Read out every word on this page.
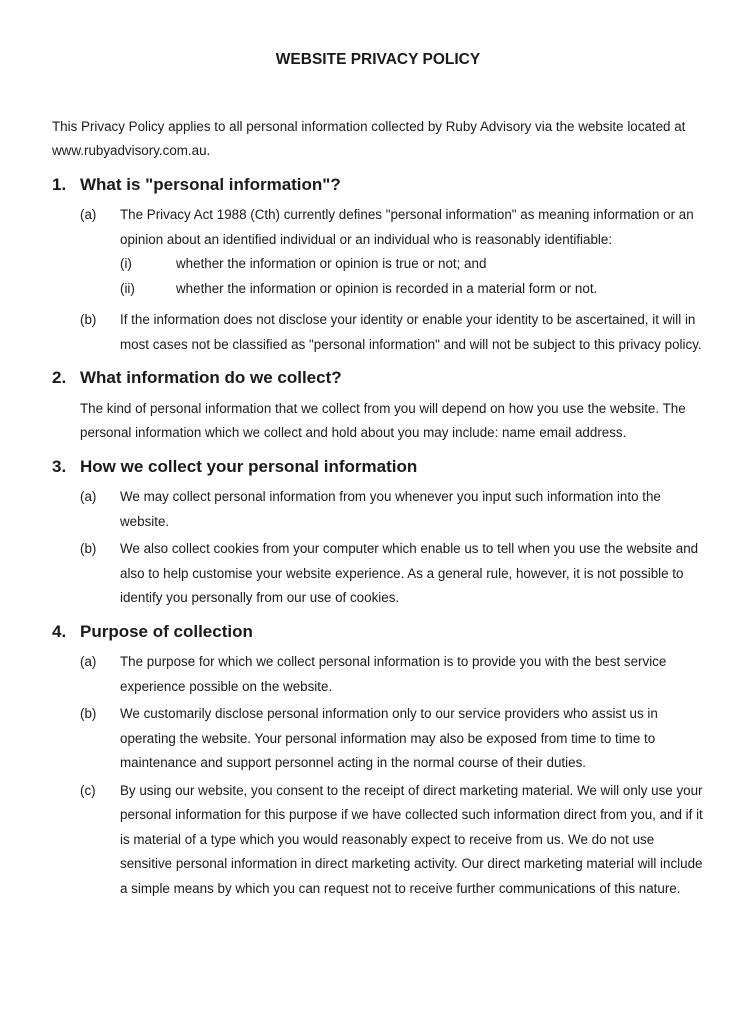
WEBSITE PRIVACY POLICY
This Privacy Policy applies to all personal information collected by Ruby Advisory via the website located at www.rubyadvisory.com.au.
1. What is "personal information"?
(a)	The Privacy Act 1988 (Cth) currently defines "personal information" as meaning information or an opinion about an identified individual or an individual who is reasonably identifiable:
(i)	whether the information or opinion is true or not; and
(ii)	whether the information or opinion is recorded in a material form or not.
(b)	If the information does not disclose your identity or enable your identity to be ascertained, it will in most cases not be classified as "personal information" and will not be subject to this privacy policy.
2. What information do we collect?
The kind of personal information that we collect from you will depend on how you use the website. The personal information which we collect and hold about you may include: name email address.
3. How we collect your personal information
(a)	We may collect personal information from you whenever you input such information into the website.
(b)	We also collect cookies from your computer which enable us to tell when you use the website and also to help customise your website experience. As a general rule, however, it is not possible to identify you personally from our use of cookies.
4. Purpose of collection
(a)	The purpose for which we collect personal information is to provide you with the best service experience possible on the website.
(b)	We customarily disclose personal information only to our service providers who assist us in operating the website. Your personal information may also be exposed from time to time to maintenance and support personnel acting in the normal course of their duties.
(c)	By using our website, you consent to the receipt of direct marketing material. We will only use your personal information for this purpose if we have collected such information direct from you, and if it is material of a type which you would reasonably expect to receive from us. We do not use sensitive personal information in direct marketing activity. Our direct marketing material will include a simple means by which you can request not to receive further communications of this nature.
